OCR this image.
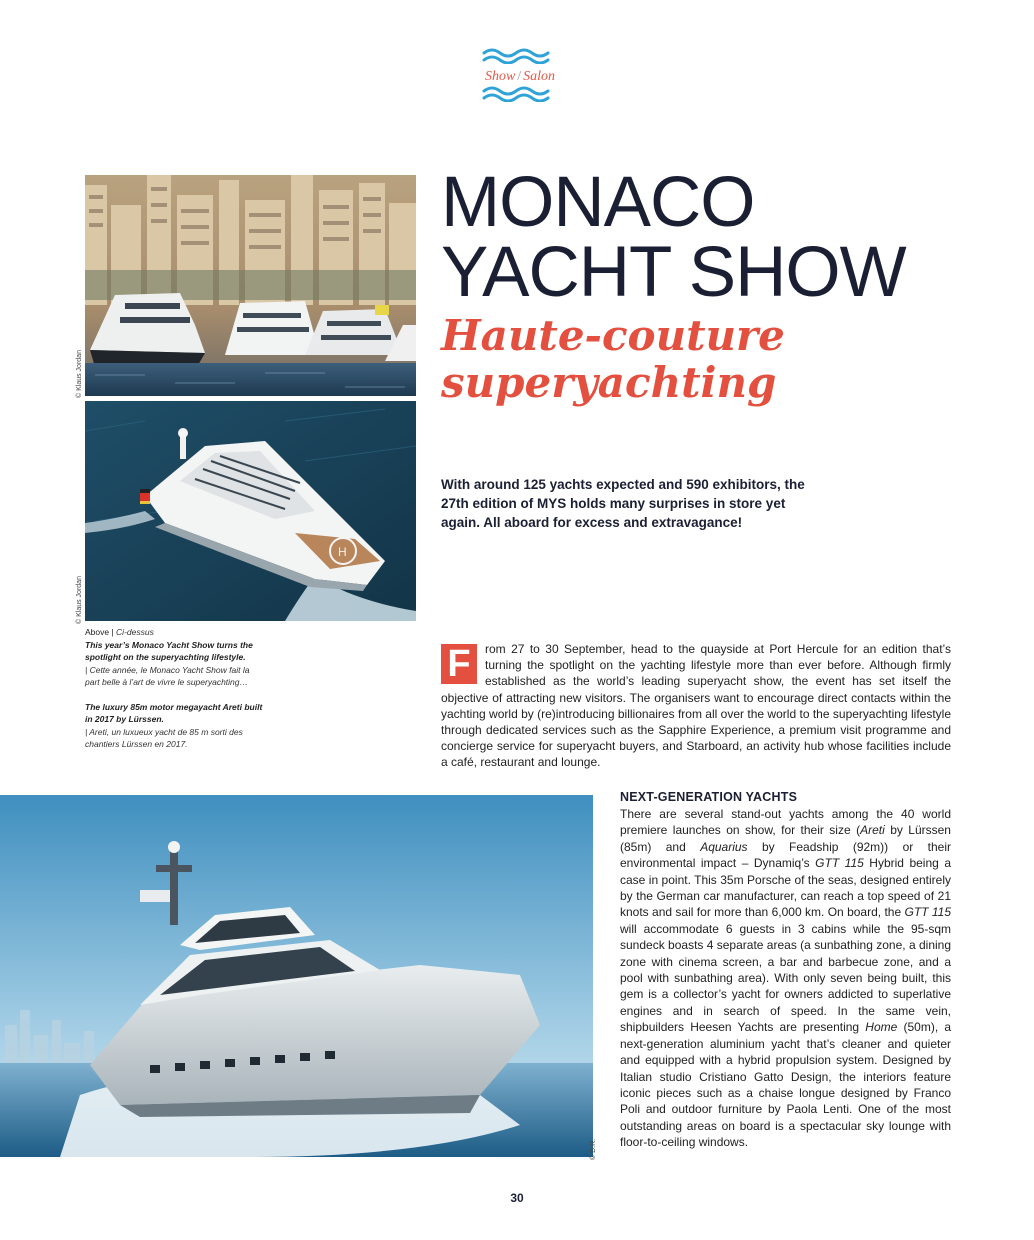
Show / Salon
© Klaus Jordan
H
© Klaus Jordan
MONACO
YACHT SHOW
Haute-couture
superyachting
With around 125 yachts expected and 590 exhibitors, the 27th edition of MYS holds many surprises in store yet again. All aboard for excess and extravagance!
Above | Ci-dessus

This year’s Monaco Yacht Show turns the spotlight on the superyachting lifestyle.
| Cette année, le Monaco Yacht Show fait la part belle à l’art de vivre le superyachting…

The luxury 85m motor megayacht Areti built in 2017 by Lürssen.
| Areti, un luxueux yacht de 85 m sorti des chantiers Lürssen en 2017.

F	rom 27 to 30 September, head to the quayside at Port Hercule for an edition that’s turning the spotlight on the yachting lifestyle more than ever before. Although firmly established as the world’s leading superyacht show, the event has set itself the objective of attracting new visitors. The organisers want to encourage direct contacts within the yachting world by (re)introducing billionaires from all over the world to the superyachting lifestyle through dedicated services such as the Sapphire Experience, a premium visit programme and concierge service for superyacht buyers, and Starboard, an activity hub whose facilities include a café, restaurant and lounge.
© D.R.
NEXT-GENERATION YACHTS

There are several stand-out yachts among the 40 world premiere launches on show, for their size (Areti by Lürssen (85m) and Aquarius by Feadship (92m)) or their environmental impact – Dynamiq’s GTT 115 Hybrid being a case in point. This 35m Porsche of the seas, designed entirely by the German car manufacturer, can reach a top speed of 21 knots and sail for more than 6,000 km. On board, the GTT 115 will accommodate 6 guests in 3 cabins while the 95-sqm sundeck boasts 4 separate areas (a sunbathing zone, a dining zone with cinema screen, a bar and barbecue zone, and a pool with sunbathing area). With only seven being built, this gem is a collector’s yacht for owners addicted to superlative engines and in search of speed. In the same vein, shipbuilders Heesen Yachts are presenting Home (50m), a next-generation aluminium yacht that’s cleaner and quieter and equipped with a hybrid propulsion system. Designed by Italian studio Cristiano Gatto Design, the interiors feature iconic pieces such as a chaise longue designed by Franco Poli and outdoor furniture by Paola Lenti. One of the most outstanding areas on board is a spectacular sky lounge with floor-to-ceiling windows.

30
